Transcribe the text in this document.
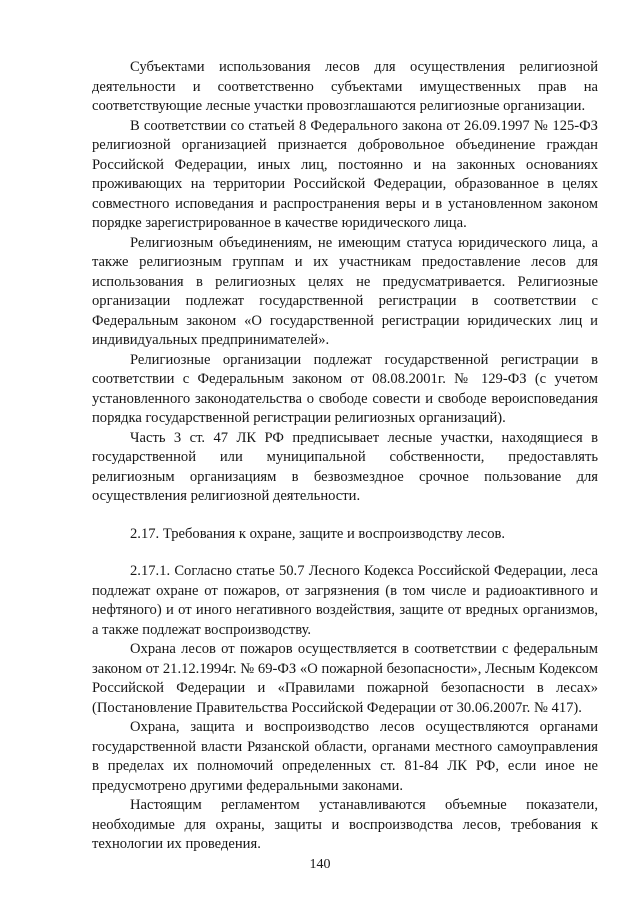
Субъектами использования лесов для осуществления религиозной деятельности и соответственно субъектами имущественных прав на соответствующие лесные участки провозглашаются религиозные организации.

В соответствии со статьей 8 Федерального закона от 26.09.1997 № 125-ФЗ религиозной организацией признается добровольное объединение граждан Российской Федерации, иных лиц, постоянно и на законных основаниях проживающих на территории Российской Федерации, образованное в целях совместного исповедания и распространения веры и в установленном законом порядке зарегистрированное в качестве юридического лица.

Религиозным объединениям, не имеющим статуса юридического лица, а также религиозным группам и их участникам предоставление лесов для использования в религиозных целях не предусматривается. Религиозные организации подлежат государственной регистрации в соответствии с Федеральным законом «О государственной регистрации юридических лиц и индивидуальных предпринимателей».

Религиозные организации подлежат государственной регистрации в соответствии с Федеральным законом от 08.08.2001г. № 129-ФЗ (с учетом установленного законодательства о свободе совести и свободе вероисповедания порядка государственной регистрации религиозных организаций).

Часть 3 ст. 47 ЛК РФ предписывает лесные участки, находящиеся в государственной или муниципальной собственности, предоставлять религиозным организациям в безвозмездное срочное пользование для осуществления религиозной деятельности.

2.17. Требования к охране, защите и воспроизводству лесов.

2.17.1. Согласно статье 50.7 Лесного Кодекса Российской Федерации, леса подлежат охране от пожаров, от загрязнения (в том числе и радиоактивного и нефтяного) и от иного негативного воздействия, защите от вредных организмов, а также подлежат воспроизводству.

Охрана лесов от пожаров осуществляется в соответствии с федеральным законом от 21.12.1994г. № 69-ФЗ «О пожарной безопасности», Лесным Кодексом Российской Федерации и «Правилами пожарной безопасности в лесах» (Постановление Правительства Российской Федерации от 30.06.2007г. № 417).

Охрана, защита и воспроизводство лесов осуществляются органами государственной власти Рязанской области, органами местного самоуправления в пределах их полномочий определенных ст. 81-84 ЛК РФ, если иное не предусмотрено другими федеральными законами.

Настоящим регламентом устанавливаются объемные показатели, необходимые для охраны, защиты и воспроизводства лесов, требования к технологии их проведения.

140
